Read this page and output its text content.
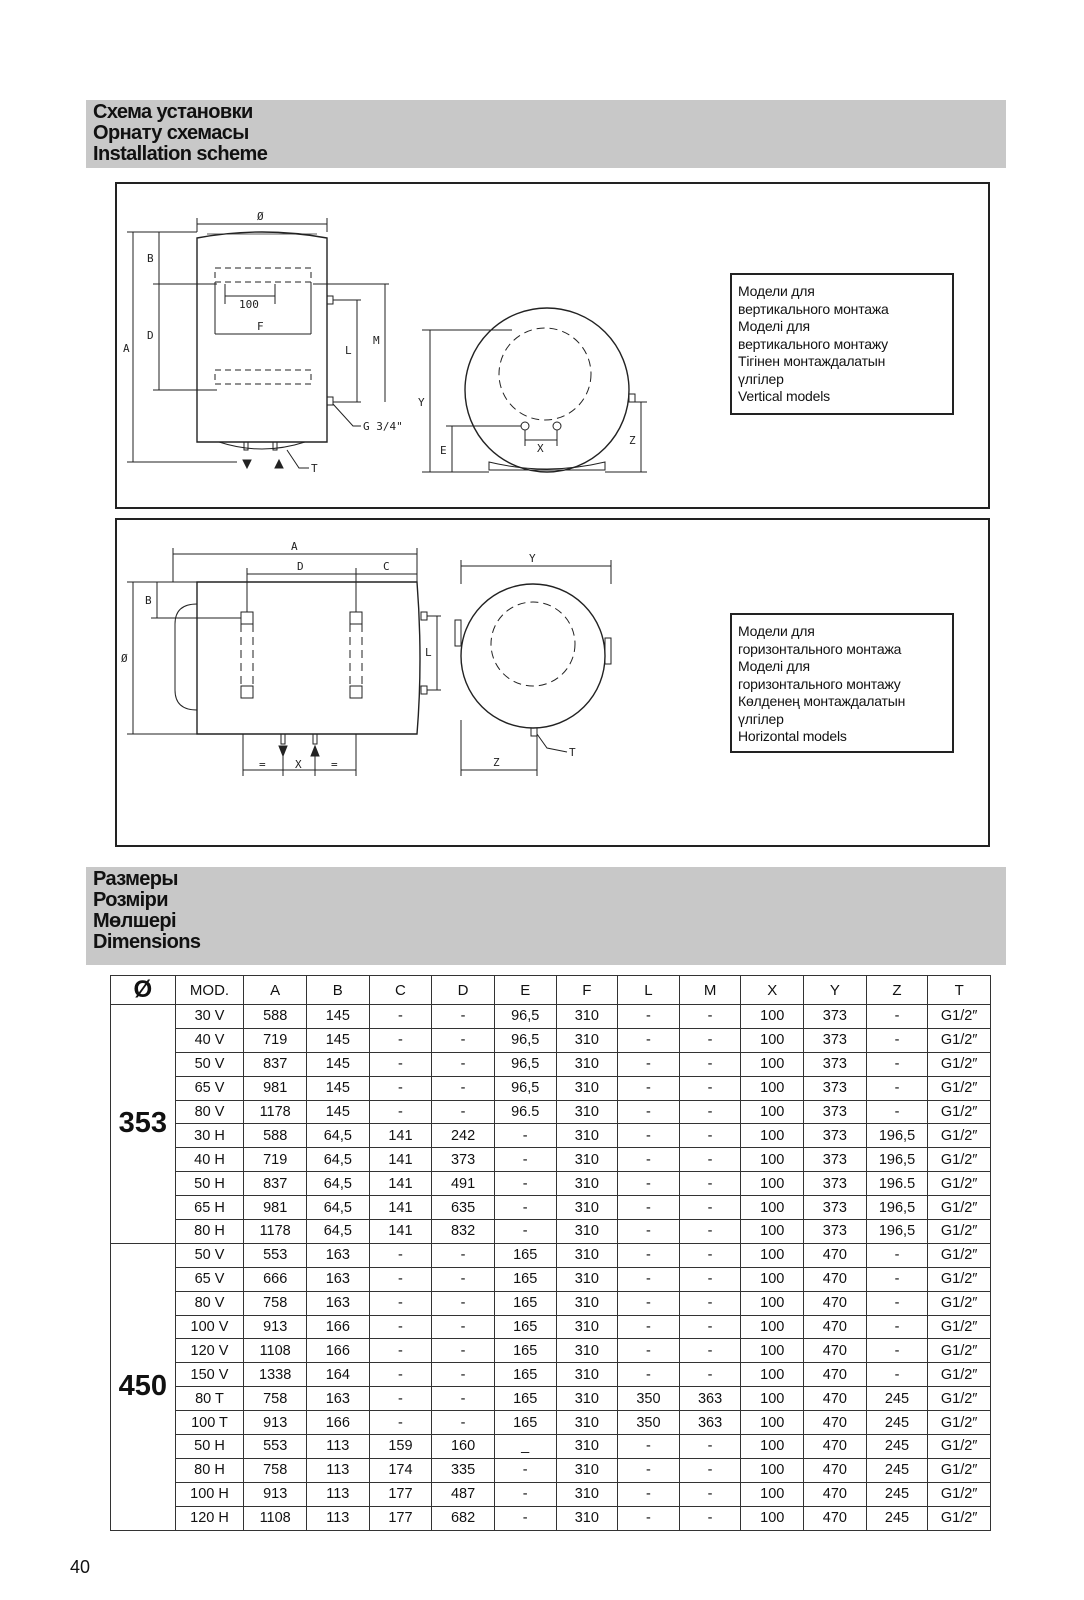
Схема установки
Орнату схемасы
Installation scheme
Ø
A
B
D
100
F
L
M
G 3/4"
T
Y
E	X
Z
Модели для
вертикального монтажа
Моделі для
вертикального монтажу
Тігінен монтаждалатын
үлгілер
Vertical models
L
=	X	=
A
D	C
Ø
B
T
Y
Z
Модели для
горизонтального монтажа
Моделі для
горизонтального монтажу
Көлденең монтаждалатын
үлгілер
Horizontal models
Размеры
Розміри
Мөлшері
Dimensions
Ø	MOD.	A	B	C	D	E	F	L	M	X	Y	Z	T
353	30 V	588	145	-	-	96,5	310	-	-	100	373	-	G1/2″
	40 V	719	145	-	-	96,5	310	-	-	100	373	-	G1/2″
	50 V	837	145	-	-	96,5	310	-	-	100	373	-	G1/2″
	65 V	981	145	-	-	96,5	310	-	-	100	373	-	G1/2″
	80 V	1178	145	-	-	96.5	310	-	-	100	373	-	G1/2″
	30 H	588	64,5	141	242	-	310	-	-	100	373	196,5	G1/2″
	40 H	719	64,5	141	373	-	310	-	-	100	373	196,5	G1/2″
	50 H	837	64,5	141	491	-	310	-	-	100	373	196.5	G1/2″
	65 H	981	64,5	141	635	-	310	-	-	100	373	196,5	G1/2″
	80 H	1178	64,5	141	832	-	310	-	-	100	373	196,5	G1/2″
450	50 V	553	163	-	-	165	310	-	-	100	470	-	G1/2″
	65 V	666	163	-	-	165	310	-	-	100	470	-	G1/2″
	80 V	758	163	-	-	165	310	-	-	100	470	-	G1/2″
	100 V	913	166	-	-	165	310	-	-	100	470	-	G1/2″
	120 V	1108	166	-	-	165	310	-	-	100	470	-	G1/2″
	150 V	1338	164	-	-	165	310	-	-	100	470	-	G1/2″
	80 T	758	163	-	-	165	310	350	363	100	470	245	G1/2″
	100 T	913	166	-	-	165	310	350	363	100	470	245	G1/2″
	50 H	553	113	159	160	_	310	-	-	100	470	245	G1/2″
	80 H	758	113	174	335	-	310	-	-	100	470	245	G1/2″
	100 H	913	113	177	487	-	310	-	-	100	470	245	G1/2″
	120 H	1108	113	177	682	-	310	-	-	100	470	245	G1/2″
40
